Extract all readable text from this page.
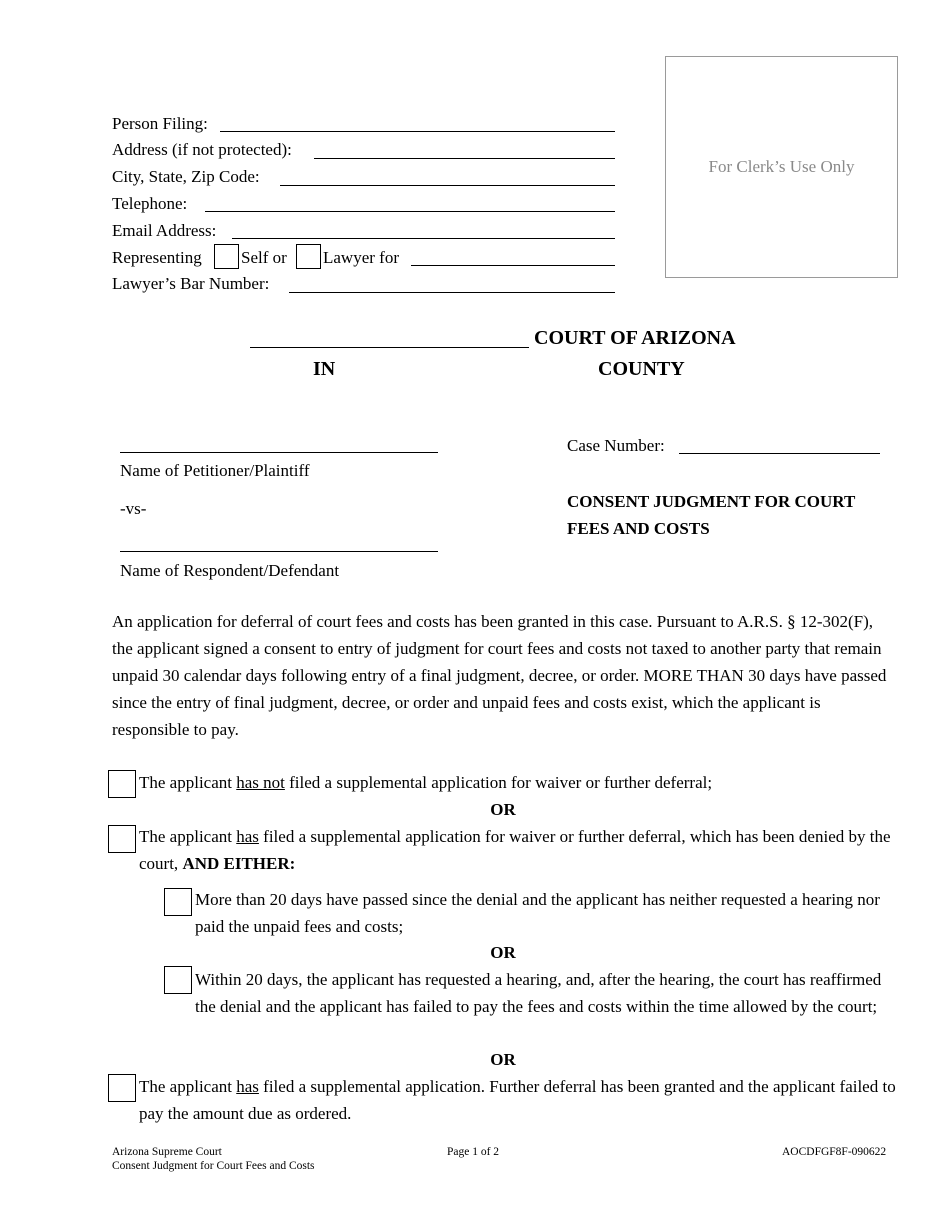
For Clerk’s Use Only
Person Filing:
Address (if not protected):
City, State, Zip Code:
Telephone:
Email Address:
Representing Self or Lawyer for
Lawyer’s Bar Number:
COURT OF ARIZONA
IN	COUNTY
Name of Petitioner/Plaintiff
-vs-
Name of Respondent/Defendant
Case Number:
CONSENT JUDGMENT FOR COURT
FEES AND COSTS
An application for deferral of court fees and costs has been granted in this case. Pursuant to A.R.S. § 12-302(F), the applicant signed a consent to entry of judgment for court fees and costs not taxed to another party that remain unpaid 30 calendar days following entry of a final judgment, decree, or order. MORE THAN 30 days have passed since the entry of final judgment, decree, or order and unpaid fees and costs exist, which the applicant is responsible to pay.
The applicant has not filed a supplemental application for waiver or further deferral;
OR
The applicant has filed a supplemental application for waiver or further deferral, which has been denied by the court, AND EITHER:
More than 20 days have passed since the denial and the applicant has neither requested a hearing nor paid the unpaid fees and costs;
OR
Within 20 days, the applicant has requested a hearing, and, after the hearing, the court has reaffirmed the denial and the applicant has failed to pay the fees and costs within the time allowed by the court;
OR
The applicant has filed a supplemental application. Further deferral has been granted and the applicant failed to pay the amount due as ordered.
Arizona Supreme Court
Consent Judgment for Court Fees and Costs
Page 1 of 2	AOCDFGF8F-090622
